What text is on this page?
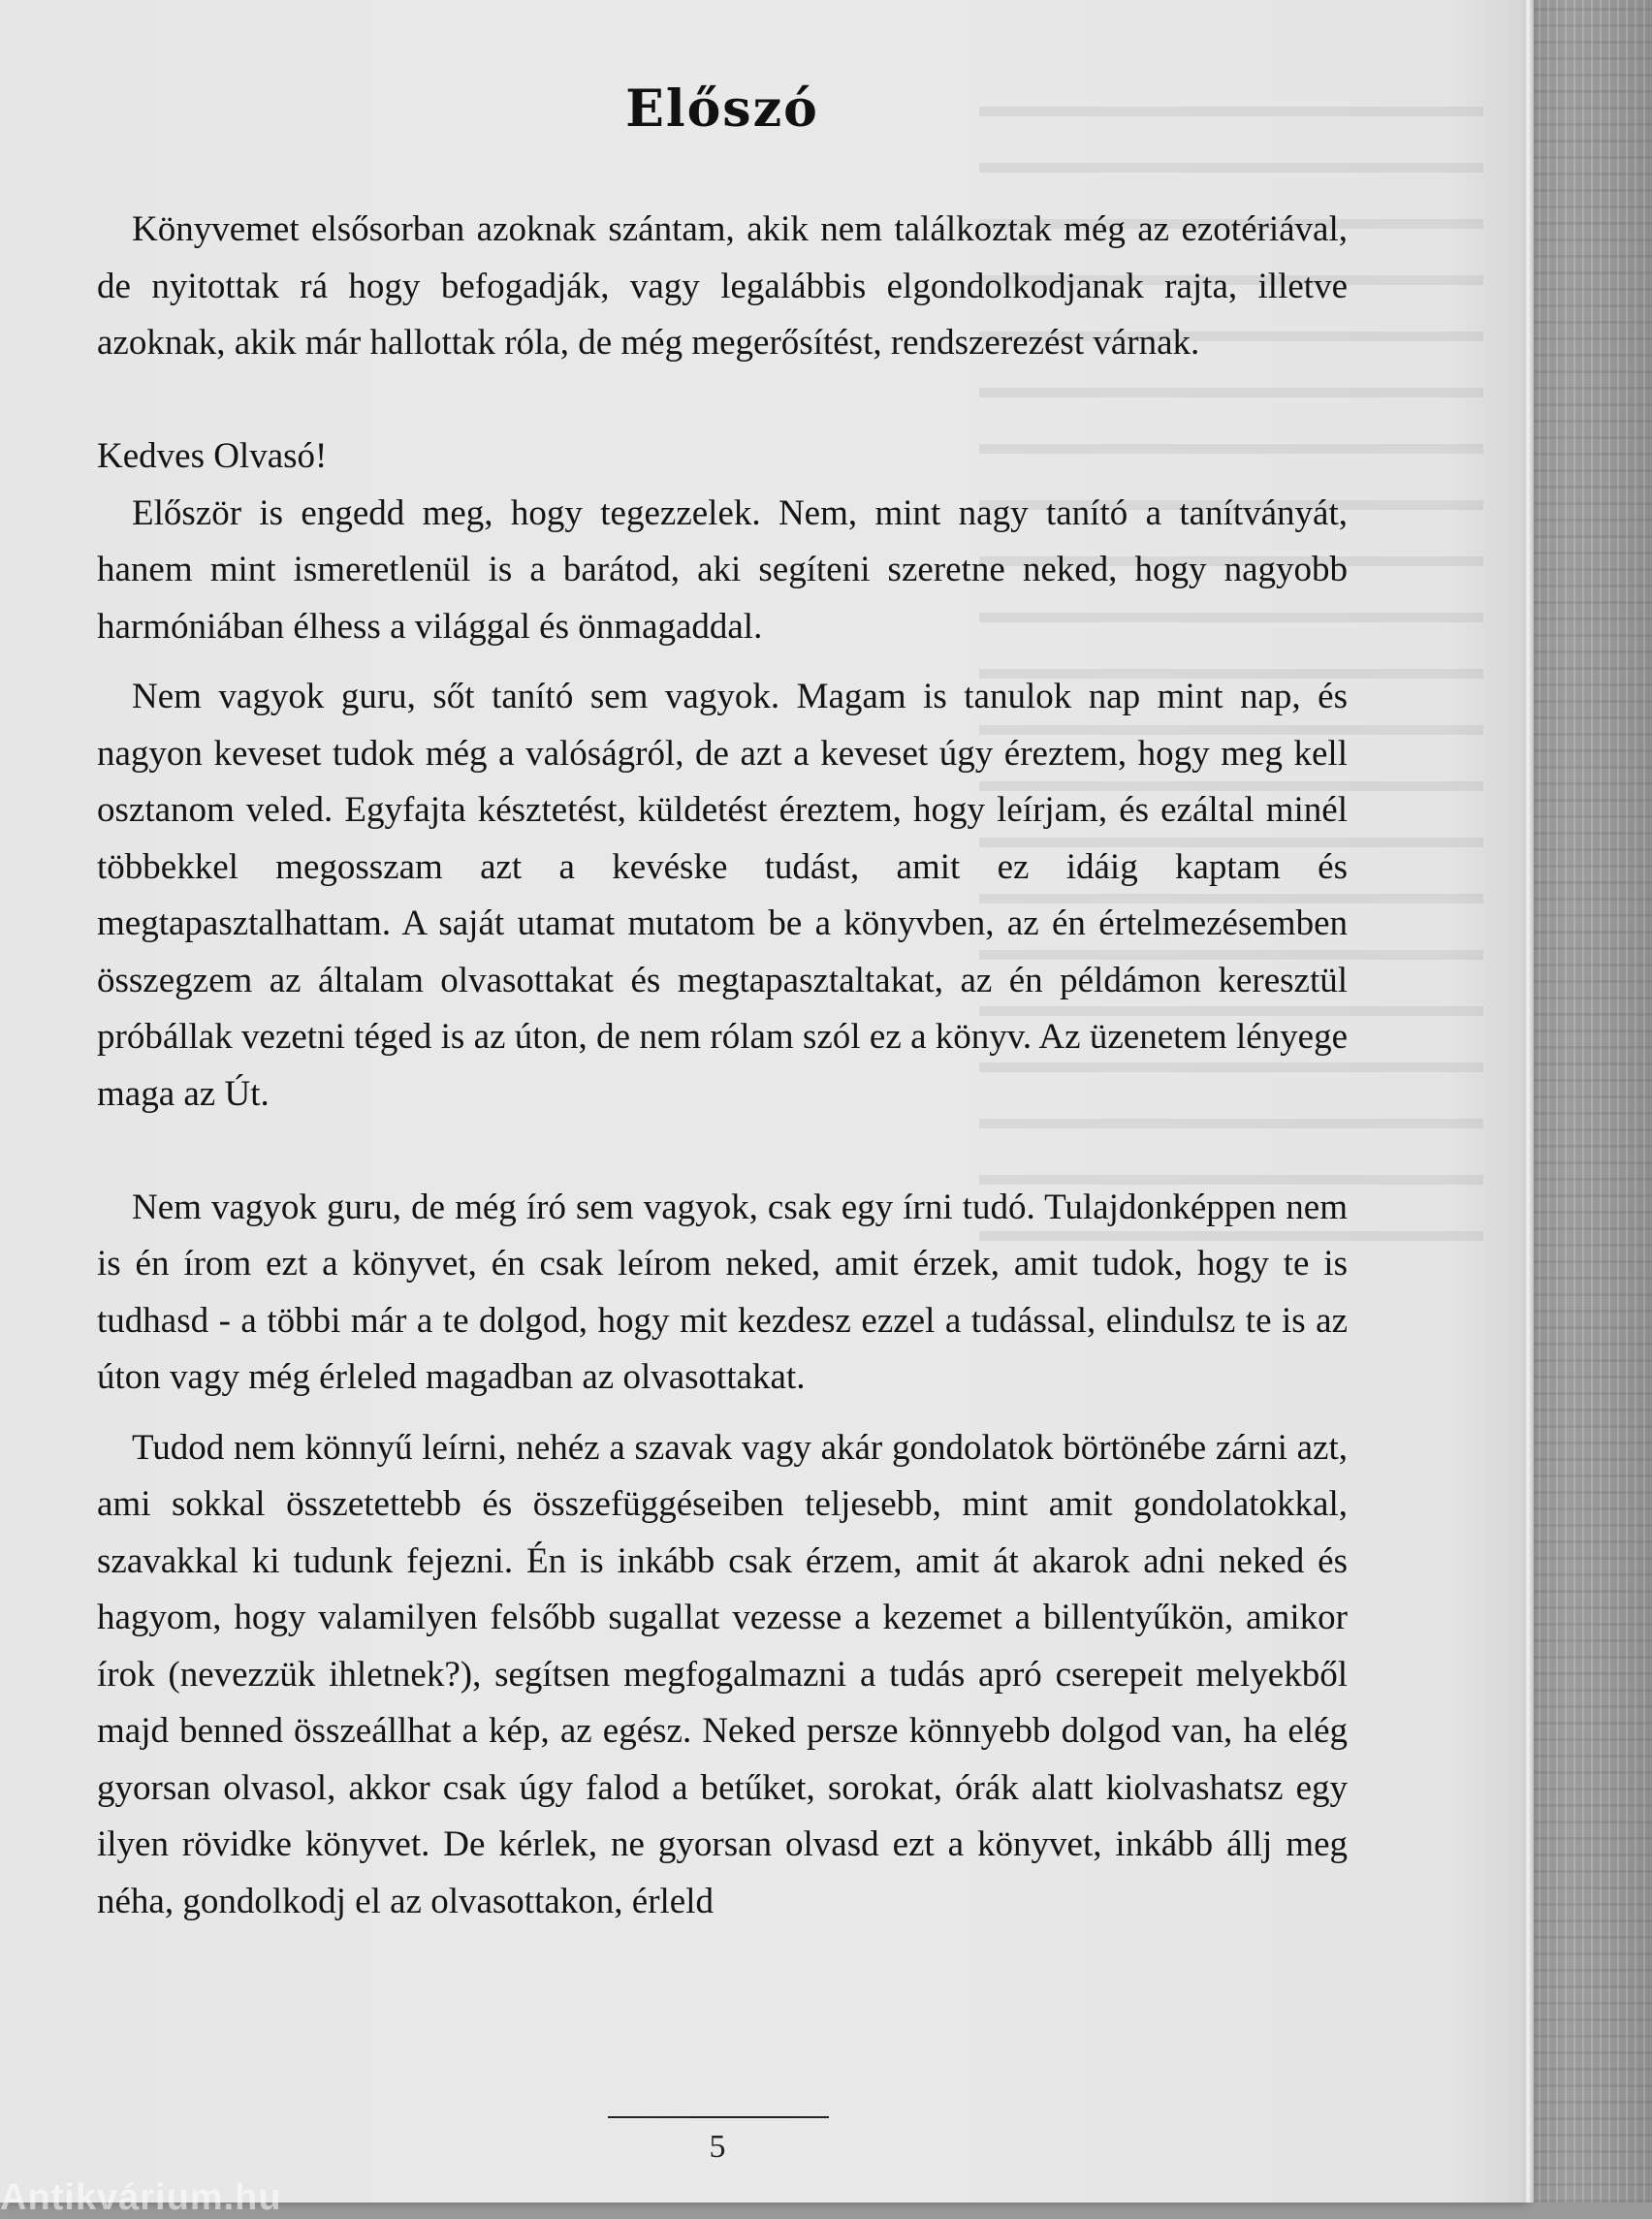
Előszó

Könyvemet elsősorban azoknak szántam, akik nem találkoztak még az ezotériával, de nyitottak rá hogy befogadják, vagy legalábbis elgondolkodjanak rajta, illetve azoknak, akik már hallottak róla, de még megerősítést, rendszerezést várnak.

Kedves Olvasó!

Először is engedd meg, hogy tegezzelek. Nem, mint nagy tanító a tanítványát, hanem mint ismeretlenül is a barátod, aki segíteni szeretne neked, hogy nagyobb harmóniában élhess a világgal és önmagaddal.

Nem vagyok guru, sőt tanító sem vagyok. Magam is tanulok nap mint nap, és nagyon keveset tudok még a valóságról, de azt a keveset úgy éreztem, hogy meg kell osztanom veled. Egyfajta késztetést, küldetést éreztem, hogy leírjam, és ezáltal minél többekkel megosszam azt a kevéske tudást, amit ez idáig kaptam és megtapasztalhattam. A saját utamat mutatom be a könyvben, az én értelmezésemben összegzem az általam olvasottakat és megtapasztaltakat, az én példámon keresztül próbállak vezetni téged is az úton, de nem rólam szól ez a könyv. Az üzenetem lényege maga az Út.

Nem vagyok guru, de még író sem vagyok, csak egy írni tudó. Tulajdonképpen nem is én írom ezt a könyvet, én csak leírom neked, amit érzek, amit tudok, hogy te is tudhasd - a többi már a te dolgod, hogy mit kezdesz ezzel a tudással, elindulsz te is az úton vagy még érleled magadban az olvasottakat.

Tudod nem könnyű leírni, nehéz a szavak vagy akár gondolatok börtönébe zárni azt, ami sokkal összetettebb és összefüggéseiben teljesebb, mint amit gondolatokkal, szavakkal ki tudunk fejezni. Én is inkább csak érzem, amit át akarok adni neked és hagyom, hogy valamilyen felsőbb sugallat vezesse a kezemet a billentyűkön, amikor írok (nevezzük ihletnek?), segítsen megfogalmazni a tudás apró cserepeit melyekből majd benned összeállhat a kép, az egész. Neked persze könnyebb dolgod van, ha elég gyorsan olvasol, akkor csak úgy falod a betűket, sorokat, órák alatt kiolvashatsz egy ilyen rövidke könyvet. De kérlek, ne gyorsan olvasd ezt a könyvet, inkább állj meg néha, gondolkodj el az olvasottakon, érleld

5
Antikvárium.hu
